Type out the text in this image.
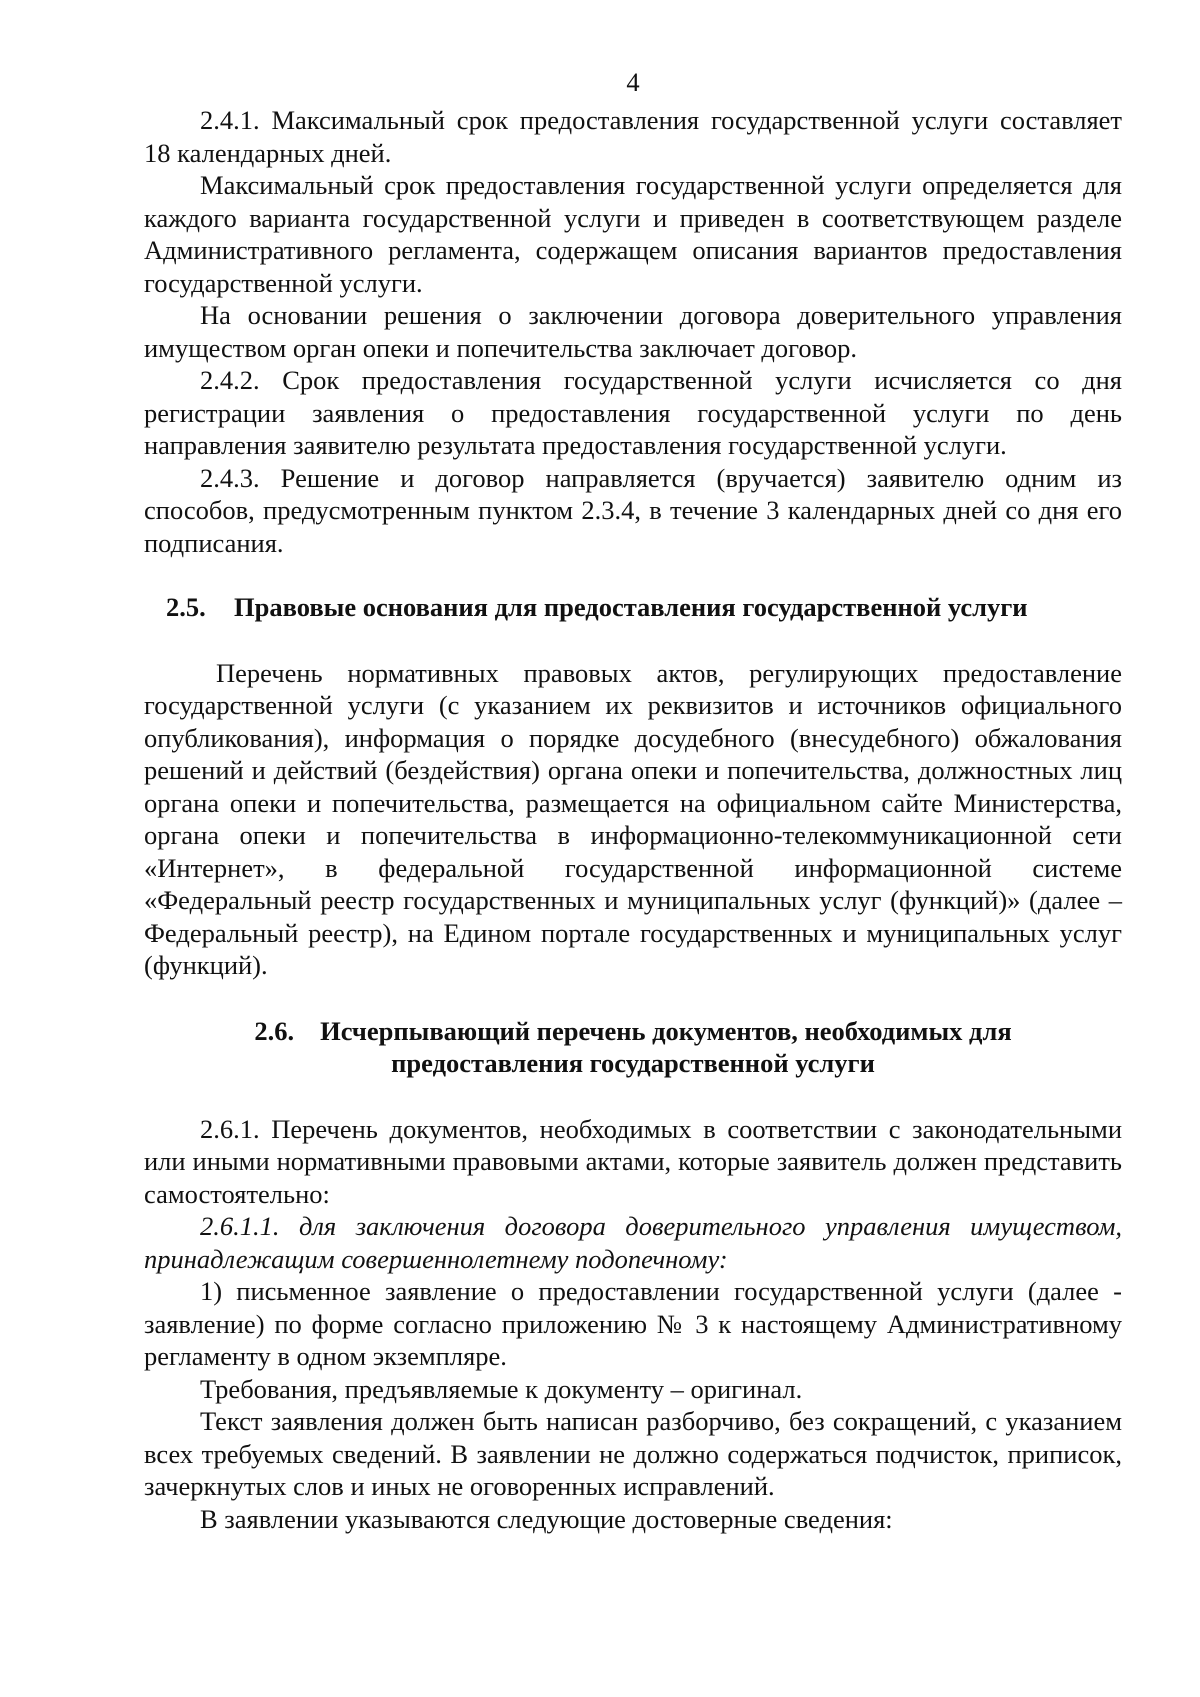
4

2.4.1. Максимальный срок предоставления государственной услуги составляет 18 календарных дней.

Максимальный срок предоставления государственной услуги определяется для каждого варианта государственной услуги и приведен в соответствующем разделе Административного регламента, содержащем описания вариантов предоставления государственной услуги.

На основании решения о заключении договора доверительного управления имуществом орган опеки и попечительства заключает договор.

2.4.2. Срок предоставления государственной услуги исчисляется со дня регистрации заявления о предоставления государственной услуги по день направления заявителю результата предоставления государственной услуги.

2.4.3. Решение и договор направляется (вручается) заявителю одним из способов, предусмотренным пунктом 2.3.4, в течение 3 календарных дней со дня его подписания.

2.5. Правовые основания для предоставления государственной услуги

Перечень нормативных правовых актов, регулирующих предоставление государственной услуги (с указанием их реквизитов и источников официального опубликования), информация о порядке досудебного (внесудебного) обжалования решений и действий (бездействия) органа опеки и попечительства, должностных лиц органа опеки и попечительства, размещается на официальном сайте Министерства, органа опеки и попечительства в информационно-телекоммуникационной сети «Интернет», в федеральной государственной информационной системе «Федеральный реестр государственных и муниципальных услуг (функций)» (далее – Федеральный реестр), на Едином портале государственных и муниципальных услуг (функций).

2.6. Исчерпывающий перечень документов, необходимых для
предоставления государственной услуги

2.6.1. Перечень документов, необходимых в соответствии с законодательными или иными нормативными правовыми актами, которые заявитель должен представить самостоятельно:

2.6.1.1. для заключения договора доверительного управления имуществом, принадлежащим совершеннолетнему подопечному:

1) письменное заявление о предоставлении государственной услуги (далее - заявление) по форме согласно приложению № 3 к настоящему Административному регламенту в одном экземпляре.

Требования, предъявляемые к документу – оригинал.

Текст заявления должен быть написан разборчиво, без сокращений, с указанием всех требуемых сведений. В заявлении не должно содержаться подчисток, приписок, зачеркнутых слов и иных не оговоренных исправлений.

В заявлении указываются следующие достоверные сведения:
